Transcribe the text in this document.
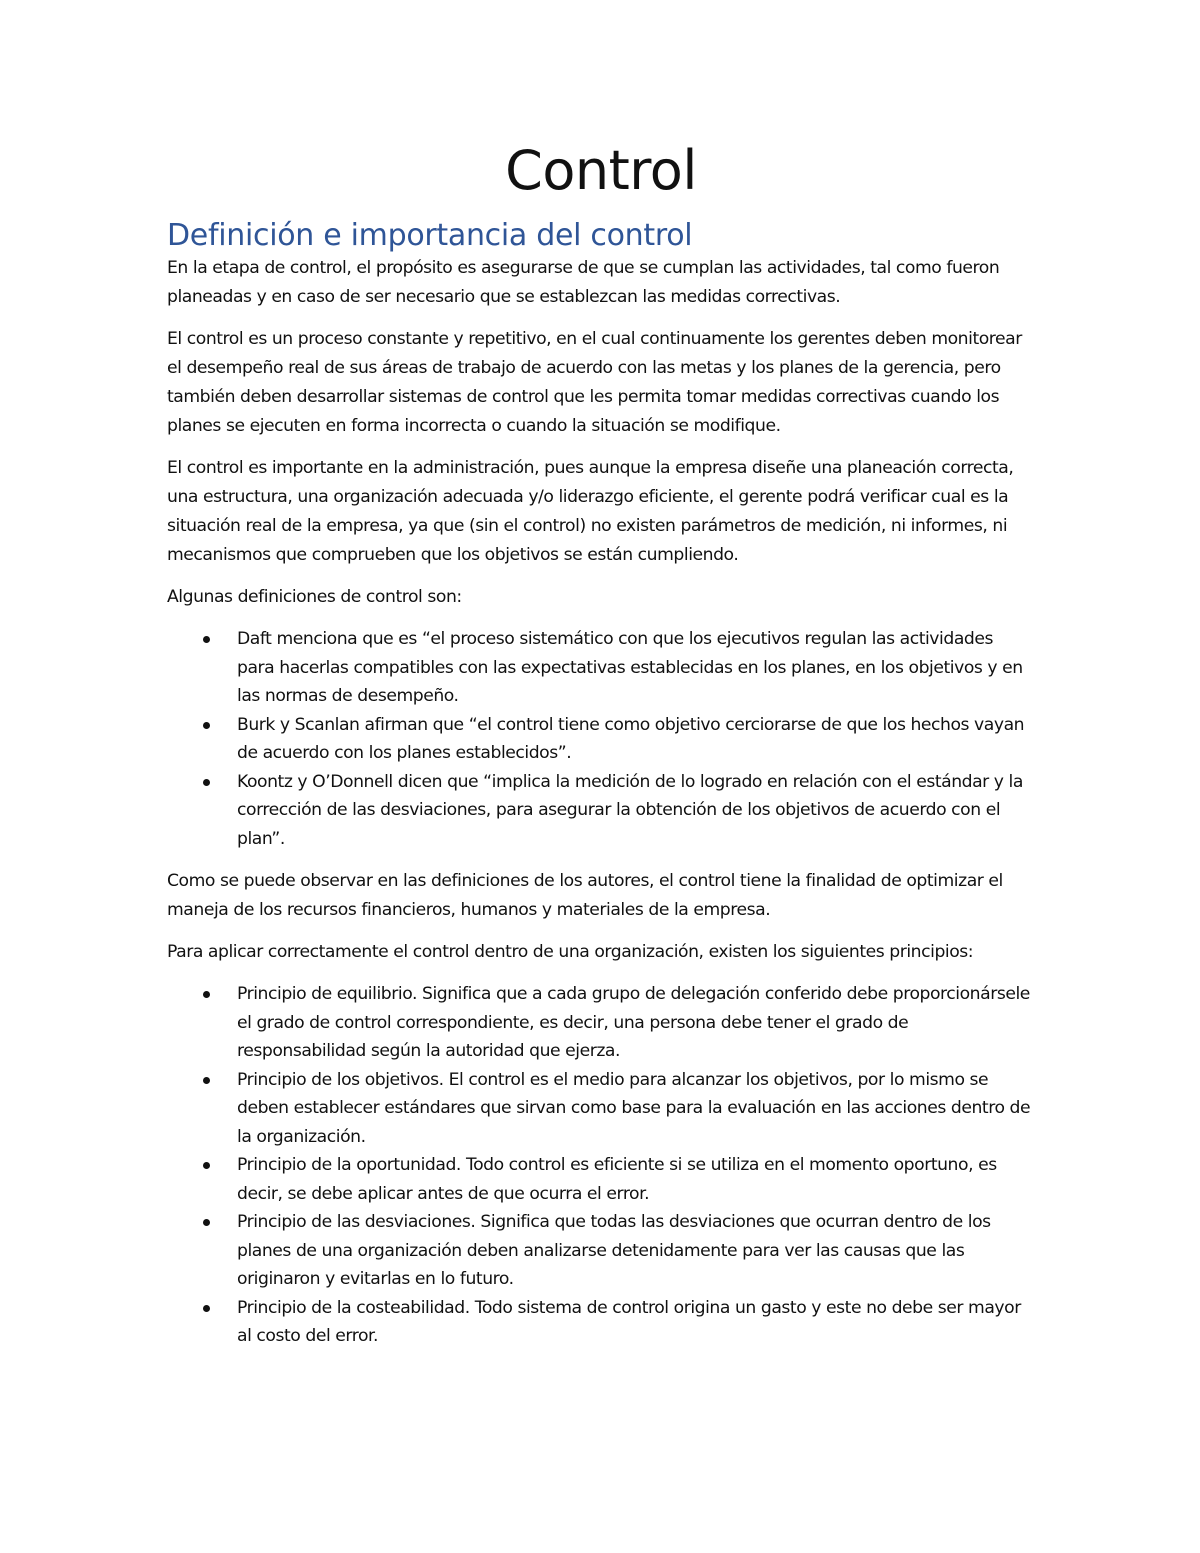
Control
Definición e importancia del control

En la etapa de control, el propósito es asegurarse de que se cumplan las actividades, tal como fueron planeadas y en caso de ser necesario que se establezcan las medidas correctivas.

El control es un proceso constante y repetitivo, en el cual continuamente los gerentes deben monitorear el desempeño real de sus áreas de trabajo de acuerdo con las metas y los planes de la gerencia, pero también deben desarrollar sistemas de control que les permita tomar medidas correctivas cuando los planes se ejecuten en forma incorrecta o cuando la situación se modifique.

El control es importante en la administración, pues aunque la empresa diseñe una planeación correcta, una estructura, una organización adecuada y/o liderazgo eficiente, el gerente podrá verificar cual es la situación real de la empresa, ya que (sin el control) no existen parámetros de medición, ni informes, ni mecanismos que comprueben que los objetivos se están cumpliendo.

Algunas definiciones de control son:

Daft menciona que es “el proceso sistemático con que los ejecutivos regulan las actividades para hacerlas compatibles con las expectativas establecidas en los planes, en los objetivos y en las normas de desempeño.
Burk y Scanlan afirman que “el control tiene como objetivo cerciorarse de que los hechos vayan de acuerdo con los planes establecidos”.
Koontz y O’Donnell dicen que “implica la medición de lo logrado en relación con el estándar y la corrección de las desviaciones, para asegurar la obtención de los objetivos de acuerdo con el plan”.

Como se puede observar en las definiciones de los autores, el control tiene la finalidad de optimizar el maneja de los recursos financieros, humanos y materiales de la empresa.

Para aplicar correctamente el control dentro de una organización, existen los siguientes principios:

Principio de equilibrio. Significa que a cada grupo de delegación conferido debe proporcionársele el grado de control correspondiente, es decir, una persona debe tener el grado de responsabilidad según la autoridad que ejerza.
Principio de los objetivos. El control es el medio para alcanzar los objetivos, por lo mismo se deben establecer estándares que sirvan como base para la evaluación en las acciones dentro de la organización.
Principio de la oportunidad. Todo control es eficiente si se utiliza en el momento oportuno, es decir, se debe aplicar antes de que ocurra el error.
Principio de las desviaciones. Significa que todas las desviaciones que ocurran dentro de los planes de una organización deben analizarse detenidamente para ver las causas que las originaron y evitarlas en lo futuro.
Principio de la costeabilidad. Todo sistema de control origina un gasto y este no debe ser mayor al costo del error.
